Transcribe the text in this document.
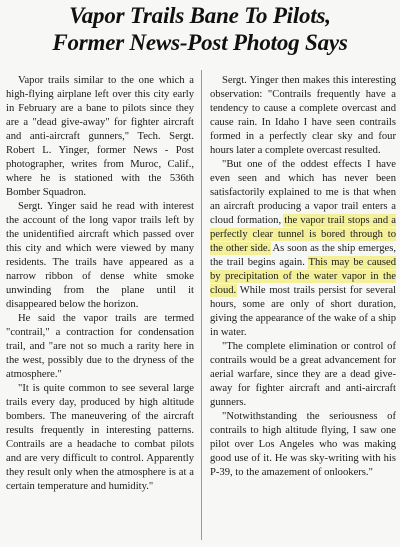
Vapor Trails Bane To Pilots,
Former News-Post Photog Says

Vapor trails similar to the one which a high-flying airplane left over this city early in February are a bane to pilots since they are a "dead give-away" for fighter aircraft and anti-aircraft gunners," Tech. Sergt. Robert L. Yinger, former News - Post photographer, writes from Muroc, Calif., where he is stationed with the 536th Bomber Squadron.

Sergt. Yinger said he read with interest the account of the long vapor trails left by the unidentified aircraft which passed over this city and which were viewed by many residents. The trails have appeared as a narrow ribbon of dense white smoke unwinding from the plane until it disappeared below the horizon.

He said the vapor trails are termed "contrail," a contraction for condensation trail, and "are not so much a rarity here in the west, possibly due to the dryness of the atmosphere."

"It is quite common to see several large trails every day, produced by high altitude bombers. The maneuvering of the aircraft results frequently in interesting patterns. Contrails are a headache to combat pilots and are very difficult to control. Apparently they result only when the atmosphere is at a certain temperature and humidity."

Sergt. Yinger then makes this interesting observation: "Contrails frequently have a tendency to cause a complete overcast and cause rain. In Idaho I have seen contrails formed in a perfectly clear sky and four hours later a complete overcast resulted.

"But one of the oddest effects I have even seen and which has never been satisfactorily explained to me is that when an aircraft producing a vapor trail enters a cloud formation, the vapor trail stops and a perfectly clear tunnel is bored through to the other side. As soon as the ship emerges, the trail begins again. This may be caused by precipitation of the water vapor in the cloud. While most trails persist for several hours, some are only of short duration, giving the appearance of the wake of a ship in water.

"The complete elimination or control of contrails would be a great advancement for aerial warfare, since they are a dead give-away for fighter aircraft and anti-aircraft gunners.

"Notwithstanding the seriousness of contrails to high altitude flying, I saw one pilot over Los Angeles who was making good use of it. He was sky-writing with his P-39, to the amazement of onlookers."
